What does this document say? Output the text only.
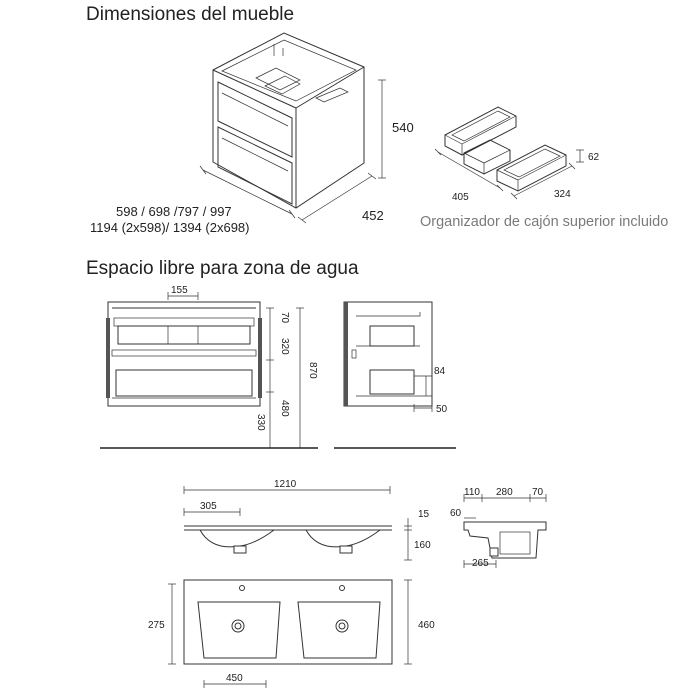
Dimensiones del mueble
Espacio libre para zona de agua
Organizador de cajón superior incluido
540
452
598 / 698 /797 / 997
1194 (2x598)/ 1394 (2x698)
62
405	324
155
70
320
480
330
870	84
50
1210
305
15
160
110 280 70
60
265
275	460
450
